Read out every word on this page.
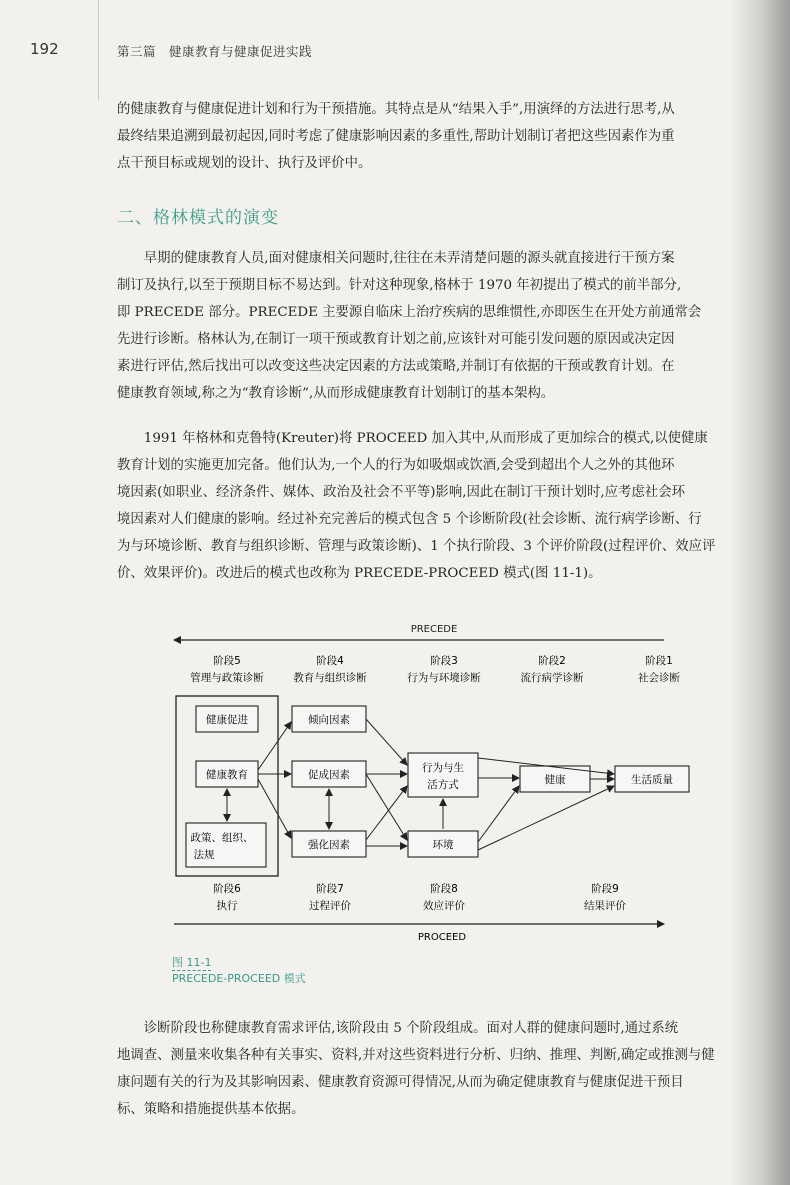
192	第三篇　健康教育与健康促进实践

的健康教育与健康促进计划和行为干预措施。其特点是从“结果入手”,用演绎的方法进行思考,从

最终结果追溯到最初起因,同时考虑了健康影响因素的多重性,帮助计划制订者把这些因素作为重

点干预目标或规划的设计、执行及评价中。

二、格林模式的演变

早期的健康教育人员,面对健康相关问题时,往往在未弄清楚问题的源头就直接进行干预方案

制订及执行,以至于预期目标不易达到。针对这种现象,格林于 1970 年初提出了模式的前半部分,

即 PRECEDE 部分。PRECEDE 主要源自临床上治疗疾病的思维惯性,亦即医生在开处方前通常会

先进行诊断。格林认为,在制订一项干预或教育计划之前,应该针对可能引发问题的原因或决定因

素进行评估,然后找出可以改变这些决定因素的方法或策略,并制订有依据的干预或教育计划。在

健康教育领域,称之为“教育诊断”,从而形成健康教育计划制订的基本架构。

1991 年格林和克鲁特(Kreuter)将 PROCEED 加入其中,从而形成了更加综合的模式,以使健康

教育计划的实施更加完备。他们认为,一个人的行为如吸烟或饮酒,会受到超出个人之外的其他环

境因素(如职业、经济条件、媒体、政治及社会不平等)影响,因此在制订干预计划时,应考虑社会环

境因素对人们健康的影响。经过补充完善后的模式包含 5 个诊断阶段(社会诊断、流行病学诊断、行

为与环境诊断、教育与组织诊断、管理与政策诊断)、1 个执行阶段、3 个评价阶段(过程评价、效应评

价、效果评价)。改进后的模式也改称为 PRECEDE-PROCEED 模式(图 11-1)。

PRECEDE
阶段5
管理与政策诊断
阶段4
教育与组织诊断
阶段3
行为与环境诊断
阶段2
流行病学诊断
阶段1
社会诊断
健康促进
健康教育
政策、组织、
法规
倾向因素
促成因素
强化因素
行为与生
活方式
环境
健康	生活质量
阶段6
执行
阶段7
过程评价
阶段8
效应评价
阶段9
结果评价
PROCEED
图 11-1
PRECEDE-PROCEED 模式

诊断阶段也称健康教育需求评估,该阶段由 5 个阶段组成。面对人群的健康问题时,通过系统

地调查、测量来收集各种有关事实、资料,并对这些资料进行分析、归纳、推理、判断,确定或推测与健

康问题有关的行为及其影响因素、健康教育资源可得情况,从而为确定健康教育与健康促进干预目

标、策略和措施提供基本依据。
